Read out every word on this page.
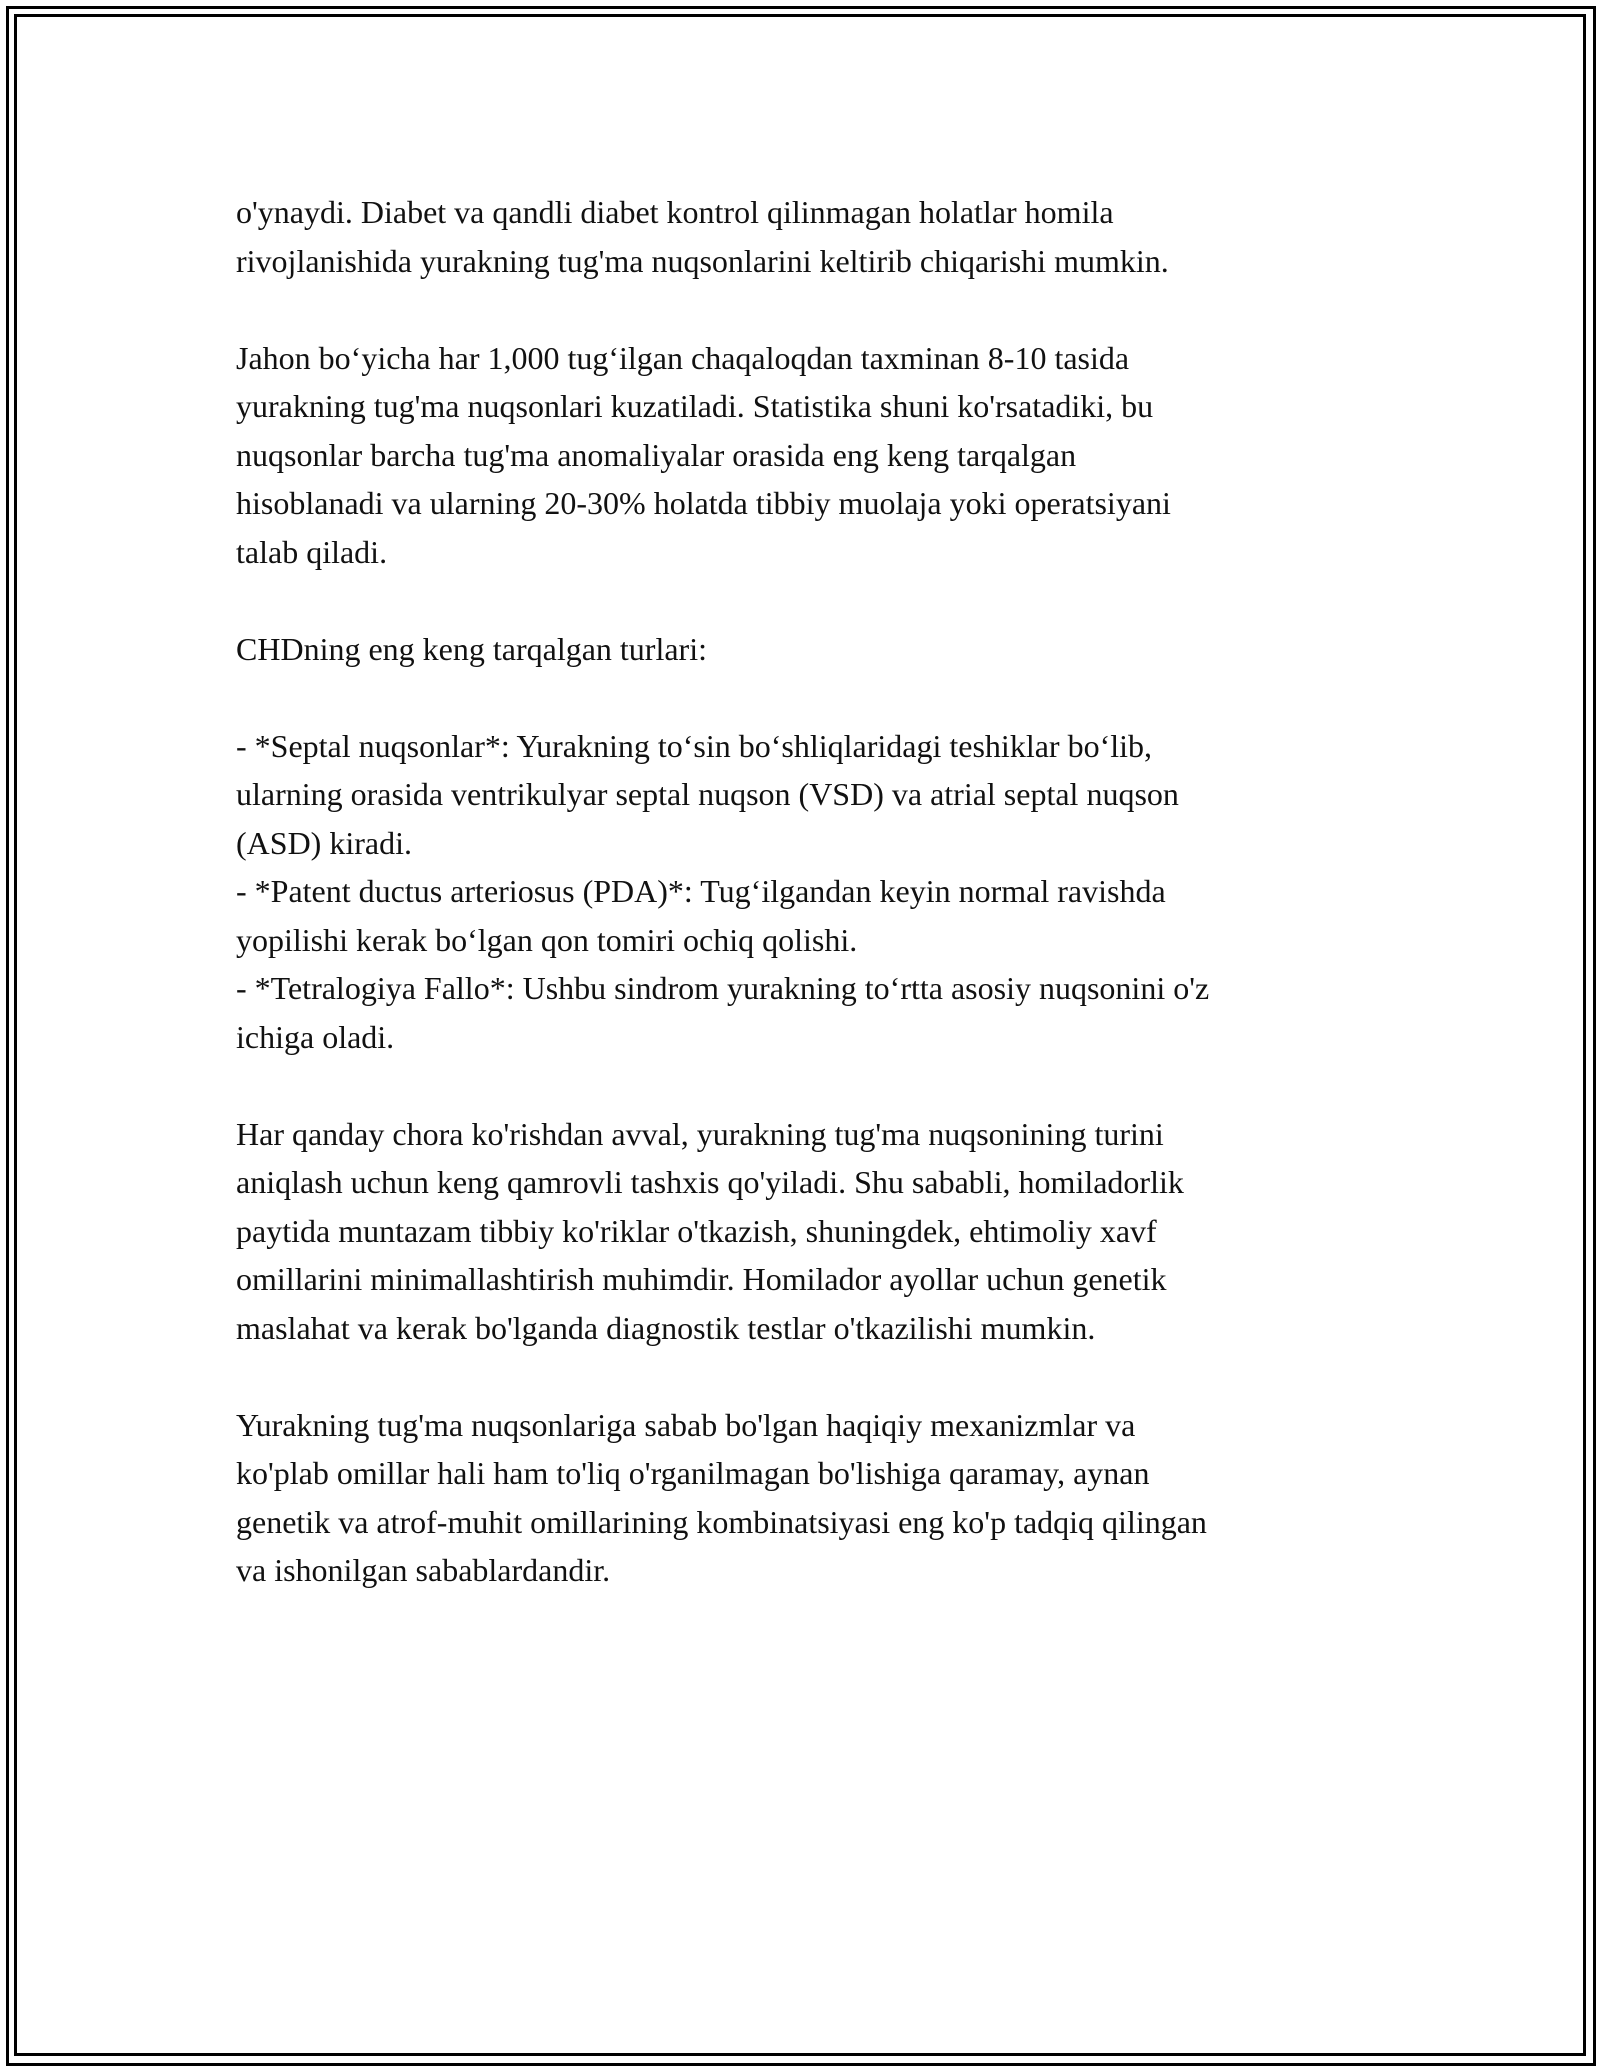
o'ynaydi. Diabet va qandli diabet kontrol qilinmagan holatlar homila
rivojlanishida yurakning tug'ma nuqsonlarini keltirib chiqarishi mumkin.
Jahon bo‘yicha har 1,000 tug‘ilgan chaqaloqdan taxminan 8-10 tasida
yurakning tug'ma nuqsonlari kuzatiladi. Statistika shuni ko'rsatadiki, bu
nuqsonlar barcha tug'ma anomaliyalar orasida eng keng tarqalgan
hisoblanadi va ularning 20-30% holatda tibbiy muolaja yoki operatsiyani
talab qiladi.
CHDning eng keng tarqalgan turlari:
- *Septal nuqsonlar*: Yurakning to‘sin bo‘shliqlaridagi teshiklar bo‘lib,
ularning orasida ventrikulyar septal nuqson (VSD) va atrial septal nuqson
(ASD) kiradi.
- *Patent ductus arteriosus (PDA)*: Tug‘ilgandan keyin normal ravishda
yopilishi kerak bo‘lgan qon tomiri ochiq qolishi.
- *Tetralogiya Fallo*: Ushbu sindrom yurakning to‘rtta asosiy nuqsonini o'z
ichiga oladi.
Har qanday chora ko'rishdan avval, yurakning tug'ma nuqsonining turini
aniqlash uchun keng qamrovli tashxis qo'yiladi. Shu sababli, homiladorlik
paytida muntazam tibbiy ko'riklar o'tkazish, shuningdek, ehtimoliy xavf
omillarini minimallashtirish muhimdir. Homilador ayollar uchun genetik
maslahat va kerak bo'lganda diagnostik testlar o'tkazilishi mumkin.
Yurakning tug'ma nuqsonlariga sabab bo'lgan haqiqiy mexanizmlar va
ko'plab omillar hali ham to'liq o'rganilmagan bo'lishiga qaramay, aynan
genetik va atrof-muhit omillarining kombinatsiyasi eng ko'p tadqiq qilingan
va ishonilgan sabablardandir.
